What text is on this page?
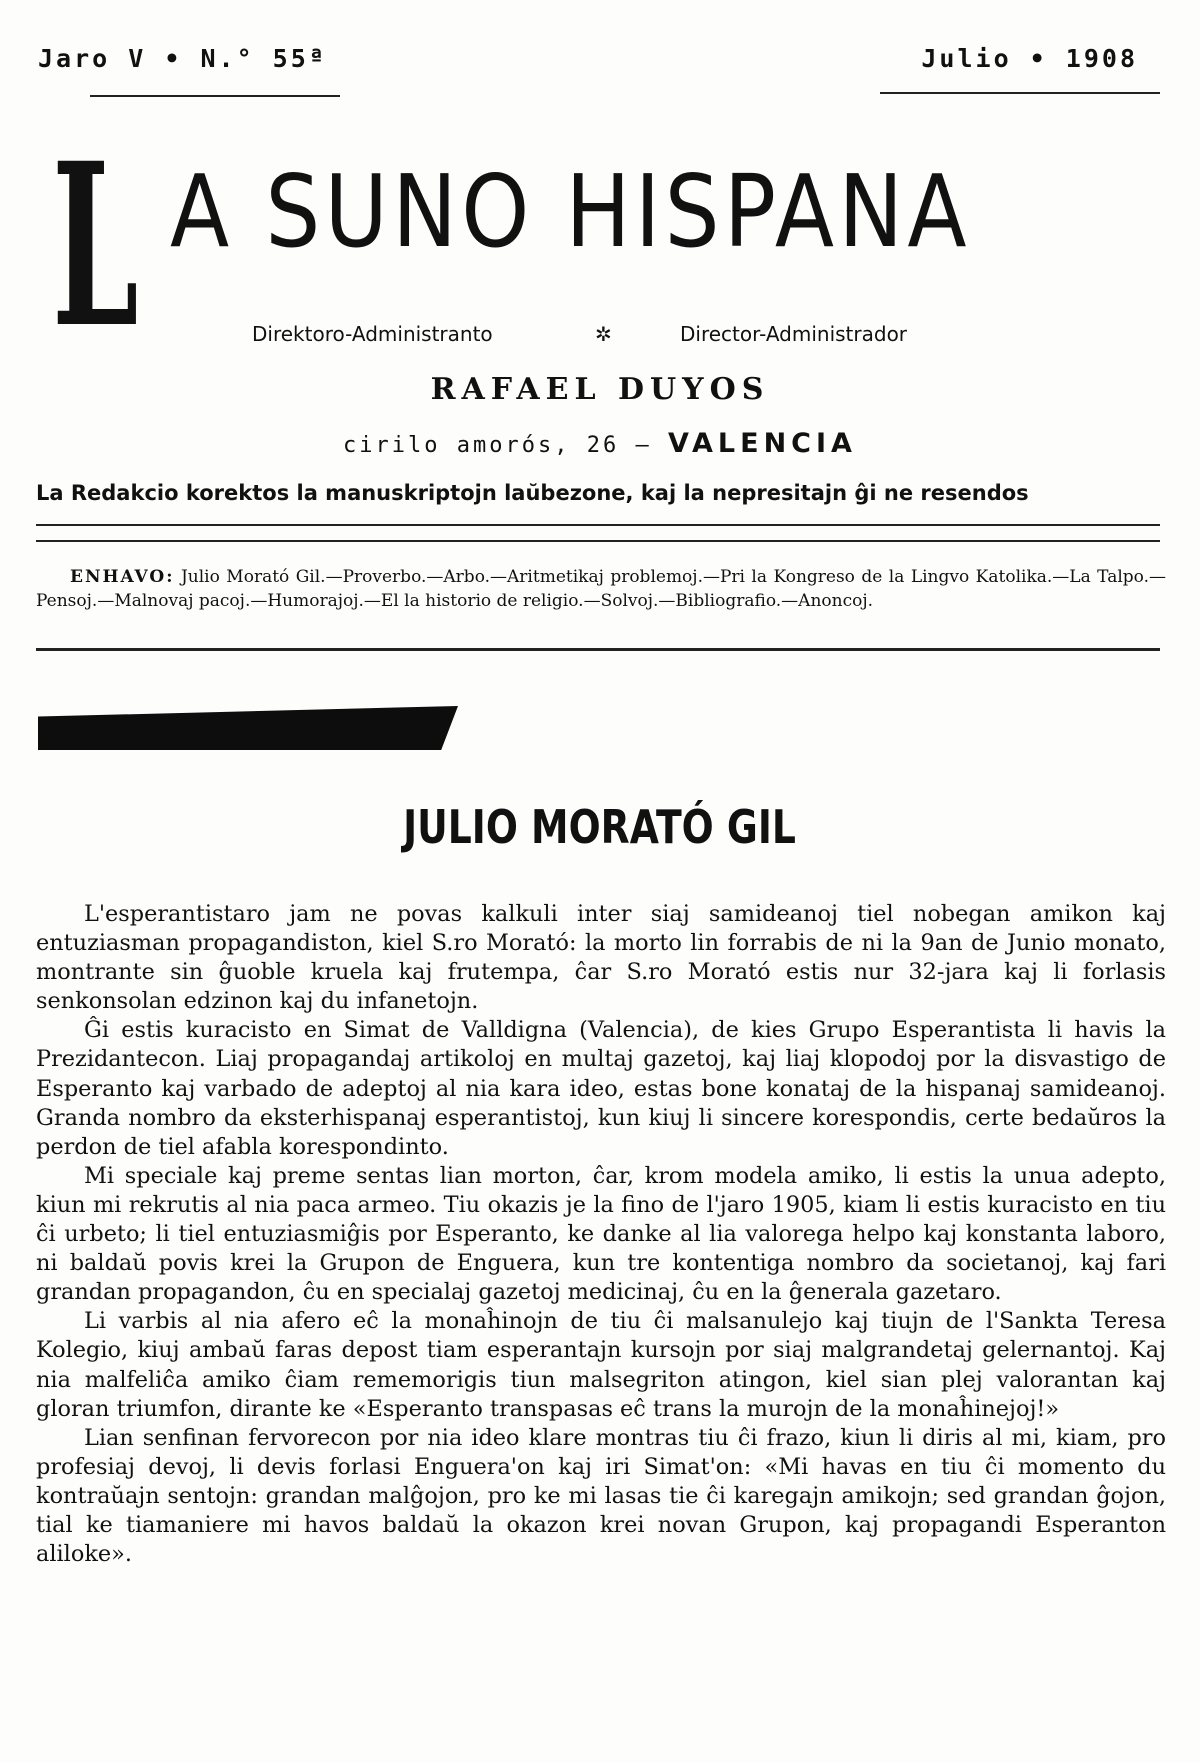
Jaro V • N.° 55ª	Julio • 1908
L A SUNO HISPANA
Direktoro-Administranto	✲	Director-Administrador
RAFAEL DUYOS
cirilo amorós, 26 — VALENCIA
La Redakcio korektos la manuskriptojn laŭbezone, kaj la nepresitajn ĝi ne resendos
ENHAVO: Julio Morató Gil.—Proverbo.—Arbo.—Aritmetikaj problemoj.—Pri la Kongreso de la Lingvo Katolika.—La Talpo.—Pensoj.—Malnovaj pacoj.—Humorajoj.—El la historio de religio.—Solvoj.—Bibliografio.—Anoncoj.
JULIO MORATÓ GIL

L'esperantistaro jam ne povas kalkuli inter siaj samideanoj tiel nobegan amikon kaj entuziasman propagandiston, kiel S.ro Morató: la morto lin forrabis de ni la 9an de Junio monato, montrante sin ĝuoble kruela kaj frutempa, ĉar S.ro Morató estis nur 32-jara kaj li forlasis senkonsolan edzinon kaj du infanetojn.

Ĝi estis kuracisto en Simat de Valldigna (Valencia), de kies Grupo Esperantista li havis la Prezidantecon. Liaj propagandaj artikoloj en multaj gazetoj, kaj liaj klopodoj por la disvastigo de Esperanto kaj varbado de adeptoj al nia kara ideo, estas bone konataj de la hispanaj samideanoj. Granda nombro da eksterhispanaj esperantistoj, kun kiuj li sincere korespondis, certe bedaŭros la perdon de tiel afabla korespondinto.

Mi speciale kaj preme sentas lian morton, ĉar, krom modela amiko, li estis la unua adepto, kiun mi rekrutis al nia paca armeo. Tiu okazis je la fino de l'jaro 1905, kiam li estis kuracisto en tiu ĉi urbeto; li tiel entuziasmiĝis por Esperanto, ke danke al lia valorega helpo kaj konstanta laboro, ni baldaŭ povis krei la Grupon de Enguera, kun tre kontentiga nombro da societanoj, kaj fari grandan propagandon, ĉu en specialaj gazetoj medicinaj, ĉu en la ĝenerala gazetaro.

Li varbis al nia afero eĉ la monaĥinojn de tiu ĉi malsanulejo kaj tiujn de l'Sankta Teresa Kolegio, kiuj ambaŭ faras depost tiam esperantajn kursojn por siaj malgrandetaj gelernantoj. Kaj nia malfeliĉa amiko ĉiam rememorigis tiun malsegriton atingon, kiel sian plej valorantan kaj gloran triumfon, dirante ke «Esperanto transpasas eĉ trans la murojn de la monaĥinejoj!»

Lian senfinan fervorecon por nia ideo klare montras tiu ĉi frazo, kiun li diris al mi, kiam, pro profesiaj devoj, li devis forlasi Enguera'on kaj iri Simat'on: «Mi havas en tiu ĉi momento du kontraŭajn sentojn: grandan malĝojon, pro ke mi lasas tie ĉi karegajn amikojn; sed grandan ĝojon, tial ke tiamaniere mi havos baldaŭ la okazon krei novan Grupon, kaj propagandi Esperanton aliloke».
